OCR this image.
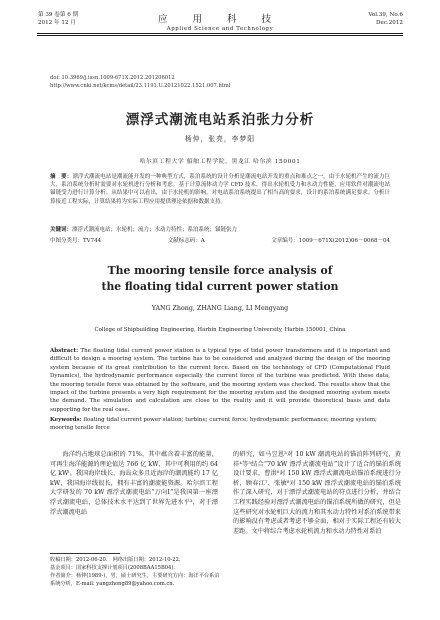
第 39 卷第 6 期
2012 年 12 月	应 用 科 技
Applied Science and Technology
Vol.39, No.6
Dec.2012
doi: 10.3969/j.issn.1009-671X.2012.201206012
http://www.cnki.net/kcms/detail/23.1191.U.20121022.1521.007.html
漂浮式潮流电站系泊张力分析
杨仲，张亮，李梦阳
哈尔滨工程大学 船舶工程学院，黑龙江 哈尔滨 150001
摘　要：漂浮式潮流电站是潮流能开发的一种典型方式，系泊系统的设计分析是潮流电站开发的重点和难点之一，由于水轮机产生的流力巨大，系泊系统分析时需要对水轮机进行分析和考虑。基于计算流体动力学 CFD 技术，得出水轮机受力和水动力性能，应用软件对潮流电站锚链受力进行计算分析。从结果中可以看出，由于水轮机的影响，对电站系泊系统提出了相当高的要求，设计的系泊系统满足要求。分析计算接近工程实际，计算结果将为实际工程应用提供理论依据和数据支持。
关键词：漂浮式潮流电站；水轮机；流力；水动力特性；系泊系统；锚链张力
中图分类号：TV744	文献标志码：A	文章编号：1009－671X(2012)06－0068－04
The mooring tensile force analysis of
the floating tidal current power station
YANG Zhong, ZHANG Liang, LI Mengyang
College of Shipbuilding Engineering, Harbin Engineering University, Harbin 150001, China
Abstract: The floating tidal current power station is a typical type of tidal power transformers and it is important and difficult to design a mooring system. The turbine has to be considered and analyzed during the design of the mooring system because of its great contribution to the current force. Based on the technology of CFD (Computational Fluid Dynamics), the hydrodynamic performance especially the current force of the turbine was predicted. With these data, the mooring tensile force was obtained by the software, and the mooring system was checked. The results show that the impact of the turbine presents a very high requirement for the mooring system and the designed mooring system meets the demand. The simulation and calculation are close to the reality and it will provide theoretical basis and data supporting for the real case.
Keywords: floating tidal current power station; turbine; current force; hydrodynamic performance; mooring system; mooring tensile force
海洋约占地球总面积的 71%，其中蕴含着丰富的能量，可再生海洋能源的理论值达 766 亿 kW，其中可利用的约 64 亿 kWⁱ。我国海岸线长、海岛众多且近海岸的潮流能约 17 亿 kW，我国海岸线很长，拥有丰富的潮流能资源。哈尔滨工程大学研发的 70 kW 漂浮式潮流电站“万向Ⅰ”是我国第一座漂浮式潮流电站，总体技术水平达到了世界先进水平²，对于漂浮式潮流电站
的研究，如马昱恩³对 10 kW 潮流电站的锚泊阵列研究，黄祥⁴等⁵结合“70 kW 漂浮式潮流电站”设计了适合的锚泊系统设计要求，曹洪⁶对 150 kW 漂浮式潮流电站锚泊系统进行分析，顾春江⁷、张敏⁸对 150 kW 漂浮式潮流电站的锚泊系统作了深入研究，对于漂浮式潮流电站的符点进行分析，并结合工程实践经验对漂浮式潮流电站的锚泊系统所做的研究，但是这些研究对水轮机巨大的流力和其水动力特性对系泊系统带来的影响没有考虑或者考虑不够全面，相对于实际工程还有较大差距。文中将综合考虑水轮机流力和水动力特性对系泊
收稿日期：2012-06-20.　网络出版日期：2012-10-22.
基金项目：国家科技支撑计划项目(2008BAA15B04).
作者简介：杨仲(1989-)，男，硕士研究生，主要研究方向：海洋平台系泊系统分析，E-mail: yangzhong89@yahoo.com.cn.
